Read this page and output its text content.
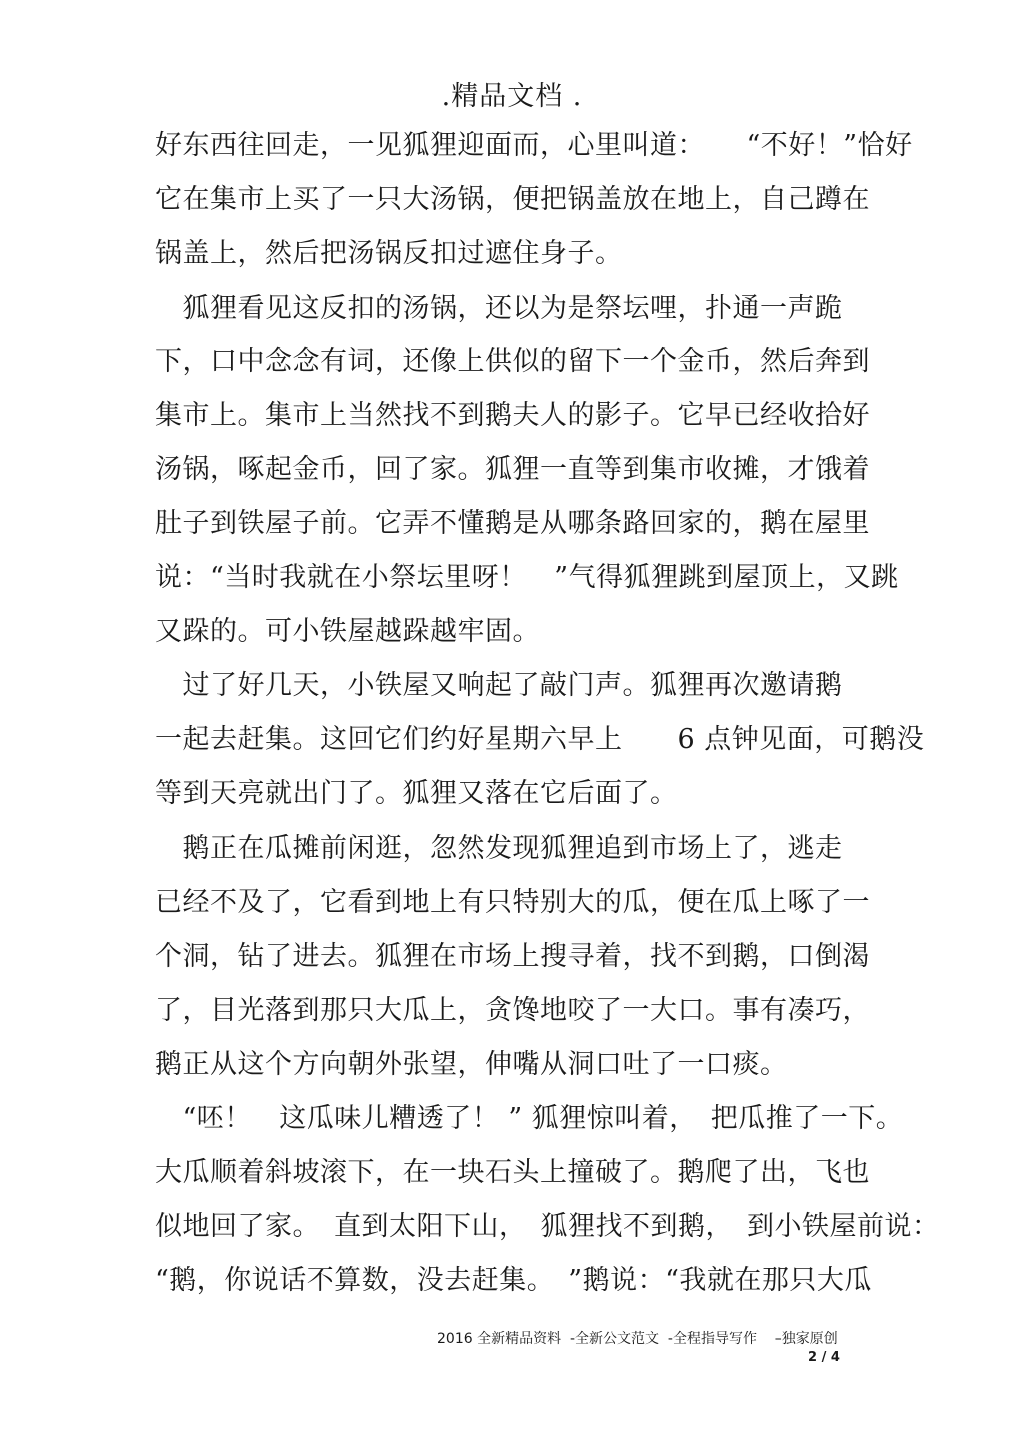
.精品文档 .
好东西往回走，一见狐狸迎面而，心里叫道：　　“不好！”恰好
它在集市上买了一只大汤锅，便把锅盖放在地上，自己蹲在
锅盖上，然后把汤锅反扣过遮住身子。
　狐狸看见这反扣的汤锅，还以为是祭坛哩，扑通一声跪
下，口中念念有词，还像上供似的留下一个金币，然后奔到
集市上。集市上当然找不到鹅夫人的影子。它早已经收拾好
汤锅，啄起金币，回了家。狐狸一直等到集市收摊，才饿着
肚子到铁屋子前。它弄不懂鹅是从哪条路回家的，鹅在屋里
说：“当时我就在小祭坛里呀！　”气得狐狸跳到屋顶上，又跳
又跺的。可小铁屋越跺越牢固。
　过了好几天，小铁屋又响起了敲门声。狐狸再次邀请鹅
一起去赶集。这回它们约好星期六早上　　6 点钟见面，可鹅没
等到天亮就出门了。狐狸又落在它后面了。
　鹅正在瓜摊前闲逛，忽然发现狐狸追到市场上了，逃走
已经不及了，它看到地上有只特别大的瓜，便在瓜上啄了一
个洞，钻了进去。狐狸在市场上搜寻着，找不到鹅，口倒渴
了，目光落到那只大瓜上，贪馋地咬了一大口。事有凑巧，
鹅正从这个方向朝外张望，伸嘴从洞口吐了一口痰。
　“呸！　这瓜味儿糟透了！ ” 狐狸惊叫着，　把瓜推了一下。
大瓜顺着斜坡滚下，在一块石头上撞破了。鹅爬了出，飞也
似地回了家。　直到太阳下山，　狐狸找不到鹅，　到小铁屋前说：
“鹅，你说话不算数，没去赶集。　”鹅说：“我就在那只大瓜
2016 全新精品资料  -全新公文范文  -全程指导写作    –独家原创
2 / 4
